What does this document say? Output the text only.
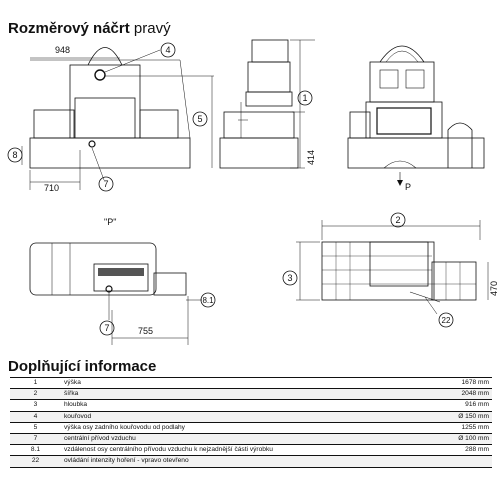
Rozměrový náčrt pravý
948
710
414
755
470
4
5
8
7
1
8.1
7
2
3
22
"P"
P
Doplňující informace
1	výška	1678 mm
2	šířka	2048 mm
3	hloubka	916 mm
4	kouřovod	Ø 150 mm
5	výška osy zadního kouřovodu od podlahy	1255 mm
7	centrální přívod vzduchu	Ø 100 mm
8.1	vzdálenost osy centrálního přívodu vzduchu k nejzadnější části výrobku	288 mm
22	ovládání intenzity hoření - vpravo otevřeno	
